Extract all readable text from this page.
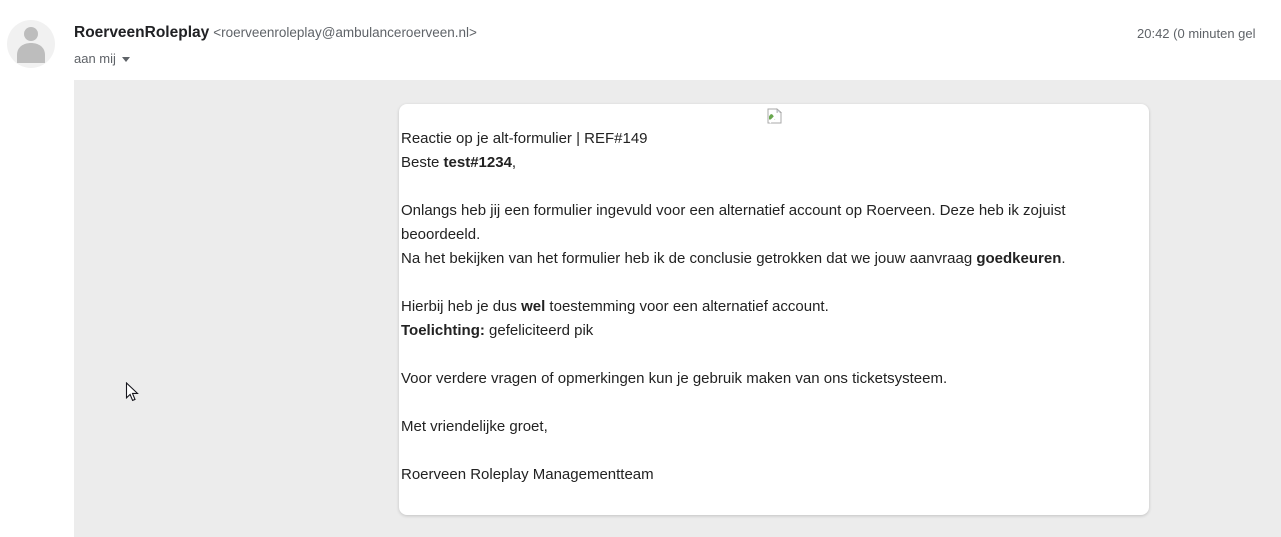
RoerveenRoleplay <roerveenroleplay@ambulanceroerveen.nl>
aan mij
20:42 (0 minuten gel
Reactie op je alt-formulier | REF#149
Beste test#1234,
Onlangs heb jij een formulier ingevuld voor een alternatief account op Roerveen. Deze heb ik zojuist
beoordeeld.
Na het bekijken van het formulier heb ik de conclusie getrokken dat we jouw aanvraag goedkeuren.
Hierbij heb je dus wel toestemming voor een alternatief account.
Toelichting: gefeliciteerd pik
Voor verdere vragen of opmerkingen kun je gebruik maken van ons ticketsysteem.
Met vriendelijke groet,
Roerveen Roleplay Managementteam
